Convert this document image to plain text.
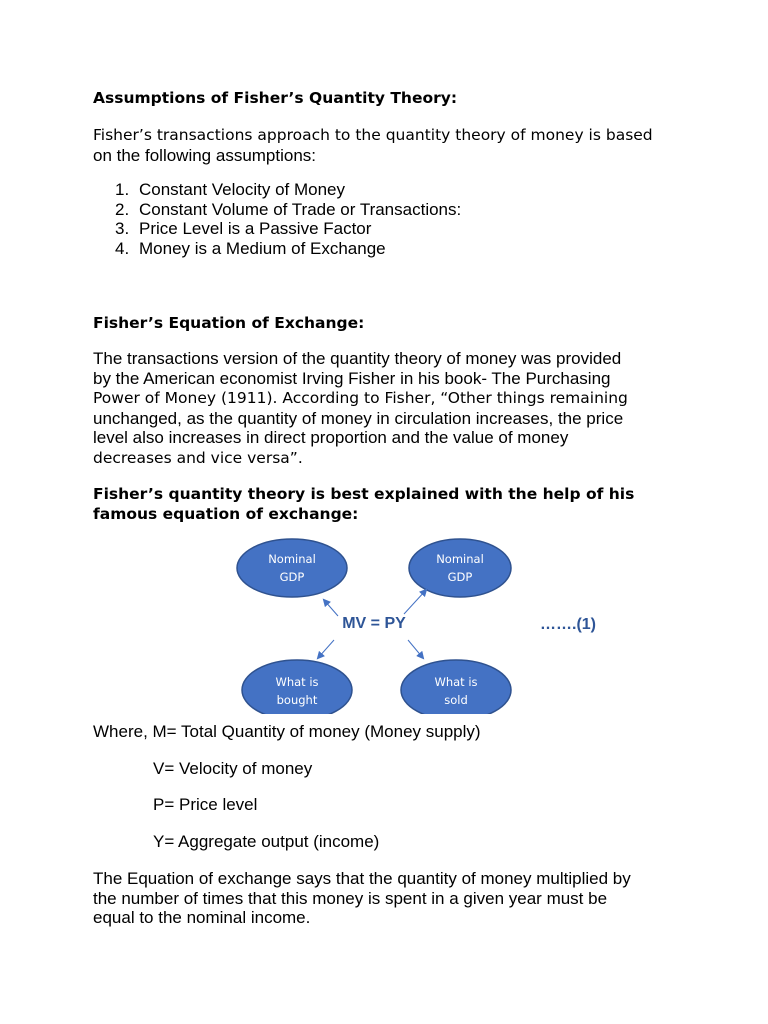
Assumptions of Fisher’s Quantity Theory:

Fisher’s transactions approach to the quantity theory of money is based
on the following assumptions:

1. Constant Velocity of Money
2. Constant Volume of Trade or Transactions:
3. Price Level is a Passive Factor
4. Money is a Medium of Exchange
Fisher’s Equation of Exchange:

The transactions version of the quantity theory of money was provided
by the American economist Irving Fisher in his book- The Purchasing
Power of Money (1911). According to Fisher, “Other things remaining
unchanged, as the quantity of money in circulation increases, the price
level also increases in direct proportion and the value of money
decreases and vice versa”.

Fisher’s quantity theory is best explained with the help of his
famous equation of exchange:

Nominal
GDP
Nominal
GDP
What is
bought
What is
sold
MV = PY	…….(1)

Where, M= Total Quantity of money (Money supply)

V= Velocity of money

P= Price level

Y= Aggregate output (income)

The Equation of exchange says that the quantity of money multiplied by
the number of times that this money is spent in a given year must be
equal to the nominal income.
